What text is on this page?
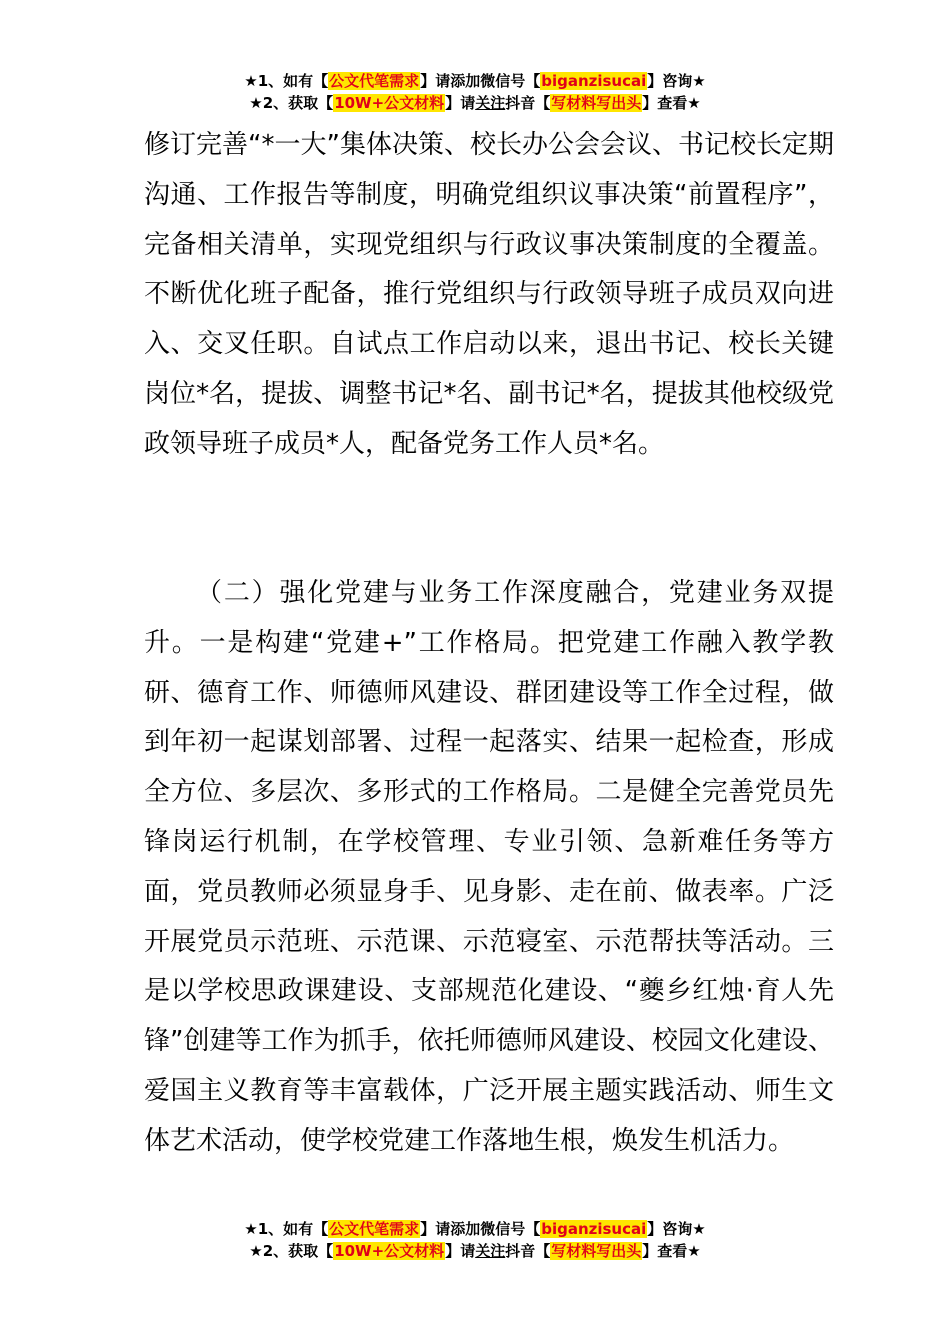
★1、如有【公文代笔需求】请添加微信号【biganzisucai】咨询★
★2、获取【10W+公文材料】请关注抖音【写材料写出头】查看★
修订完善“*一大”集体决策、校长办公会会议、书记校长定期沟通、工作报告等制度，明确党组织议事决策“前置程序”，完备相关清单，实现党组织与行政议事决策制度的全覆盖。不断优化班子配备，推行党组织与行政领导班子成员双向进入、交叉任职。自试点工作启动以来，退出书记、校长关键岗位*名，提拔、调整书记*名、副书记*名，提拔其他校级党政领导班子成员*人，配备党务工作人员*名。
（二）强化党建与业务工作深度融合，党建业务双提升。一是构建“党建+”工作格局。把党建工作融入教学教研、德育工作、师德师风建设、群团建设等工作全过程，做到年初一起谋划部署、过程一起落实、结果一起检查，形成全方位、多层次、多形式的工作格局。二是健全完善党员先锋岗运行机制，在学校管理、专业引领、急新难任务等方面，党员教师必须显身手、见身影、走在前、做表率。广泛开展党员示范班、示范课、示范寝室、示范帮扶等活动。三是以学校思政课建设、支部规范化建设、“夔乡红烛·育人先锋”创建等工作为抓手，依托师德师风建设、校园文化建设、爱国主义教育等丰富载体，广泛开展主题实践活动、师生文体艺术活动，使学校党建工作落地生根，焕发生机活力。
★1、如有【公文代笔需求】请添加微信号【biganzisucai】咨询★
★2、获取【10W+公文材料】请关注抖音【写材料写出头】查看★
